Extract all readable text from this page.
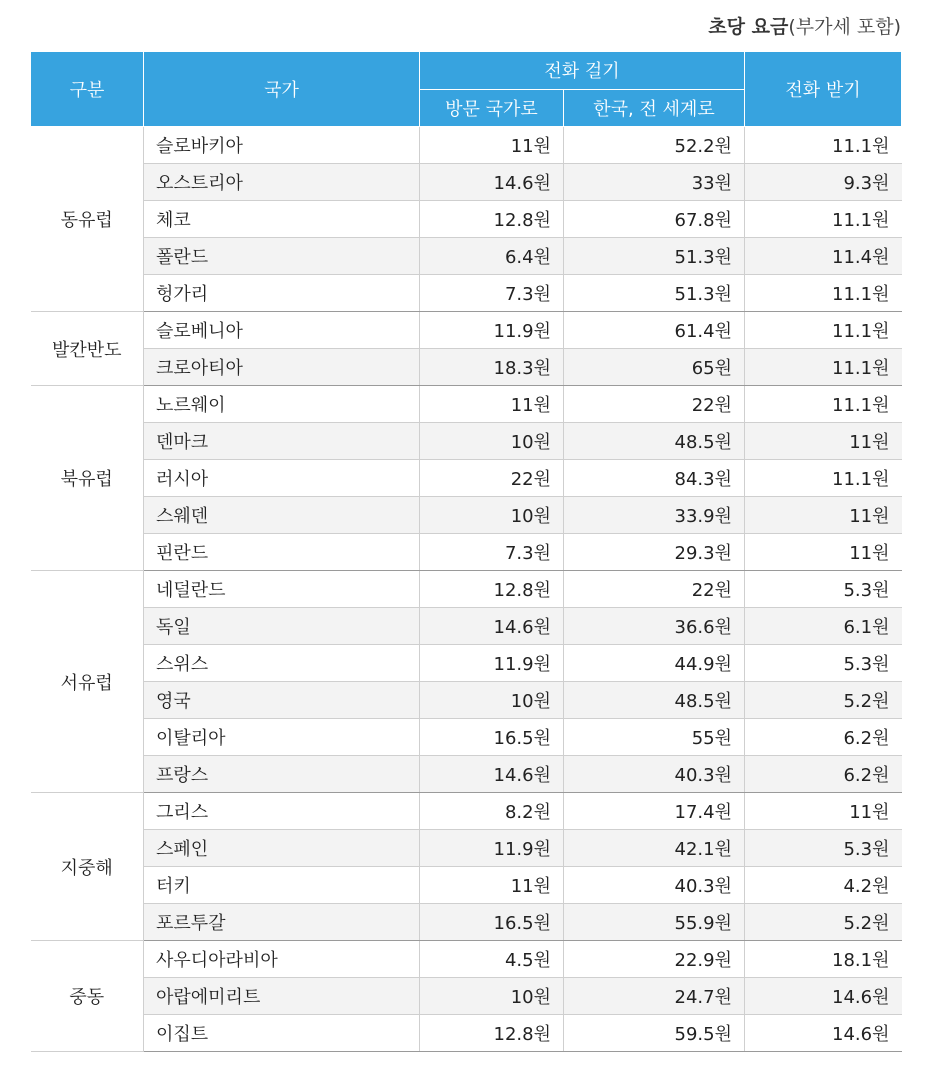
초당 요금(부가세 포함)
구분	국가	전화 걸기		전화 받기
		방문 국가로	한국, 전 세계로	
동유럽	슬로바키아	11원	52.2원	11.1원
	오스트리아	14.6원	33원	9.3원
	체코	12.8원	67.8원	11.1원
	폴란드	6.4원	51.3원	11.4원
	헝가리	7.3원	51.3원	11.1원
발칸반도	슬로베니아	11.9원	61.4원	11.1원
	크로아티아	18.3원	65원	11.1원
북유럽	노르웨이	11원	22원	11.1원
	덴마크	10원	48.5원	11원
	러시아	22원	84.3원	11.1원
	스웨덴	10원	33.9원	11원
	핀란드	7.3원	29.3원	11원
서유럽	네덜란드	12.8원	22원	5.3원
	독일	14.6원	36.6원	6.1원
	스위스	11.9원	44.9원	5.3원
	영국	10원	48.5원	5.2원
	이탈리아	16.5원	55원	6.2원
	프랑스	14.6원	40.3원	6.2원
지중해	그리스	8.2원	17.4원	11원
	스페인	11.9원	42.1원	5.3원
	터키	11원	40.3원	4.2원
	포르투갈	16.5원	55.9원	5.2원
중동	사우디아라비아	4.5원	22.9원	18.1원
	아랍에미리트	10원	24.7원	14.6원
	이집트	12.8원	59.5원	14.6원
